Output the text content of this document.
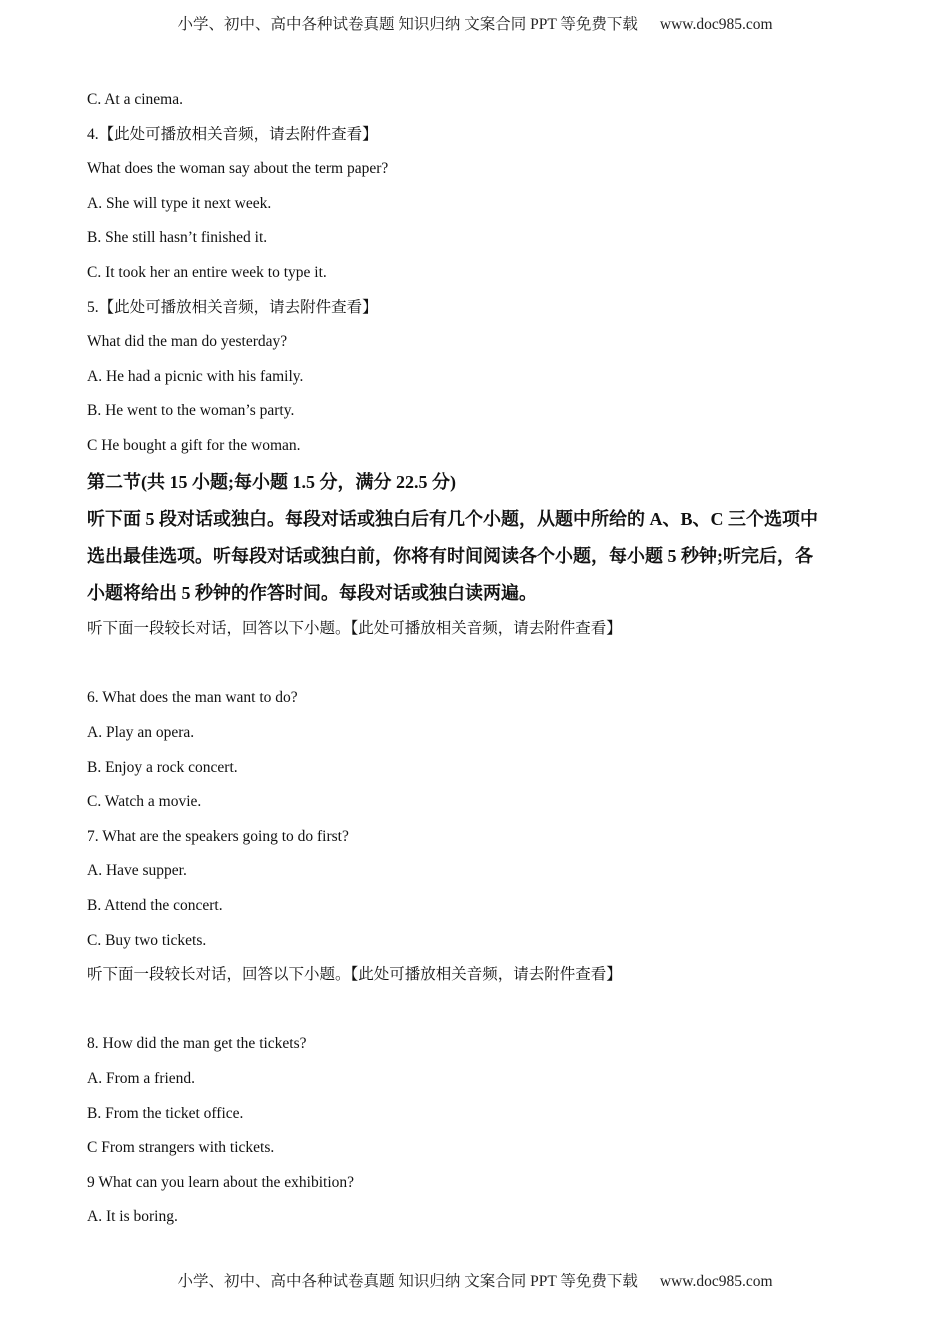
小学、初中、高中各种试卷真题 知识归纳 文案合同 PPT 等免费下载 www.doc985.com
C. At a cinema.
4.【此处可播放相关音频，请去附件查看】
What does the woman say about the term paper?
A. She will type it next week.
B. She still hasn’t finished it.
C. It took her an entire week to type it.
5.【此处可播放相关音频，请去附件查看】
What did the man do yesterday?
A. He had a picnic with his family.
B. He went to the woman’s party.
C He bought a gift for the woman.
第二节(共 15 小题;每小题 1.5 分，满分 22.5 分)
听下面 5 段对话或独白。每段对话或独白后有几个小题，从题中所给的 A、B、C 三个选项中
选出最佳选项。听每段对话或独白前，你将有时间阅读各个小题，每小题 5 秒钟;听完后，各
小题将给出 5 秒钟的作答时间。每段对话或独白读两遍。
听下面一段较长对话，回答以下小题。【此处可播放相关音频，请去附件查看】
6. What does the man want to do?
A. Play an opera.
B. Enjoy a rock concert.
C. Watch a movie.
7. What are the speakers going to do first?
A. Have supper.
B. Attend the concert.
C. Buy two tickets.
听下面一段较长对话，回答以下小题。【此处可播放相关音频，请去附件查看】
8. How did the man get the tickets?
A. From a friend.
B. From the ticket office.
C From strangers with tickets.
9 What can you learn about the exhibition?
A. It is boring.
小学、初中、高中各种试卷真题 知识归纳 文案合同 PPT 等免费下载 www.doc985.com
